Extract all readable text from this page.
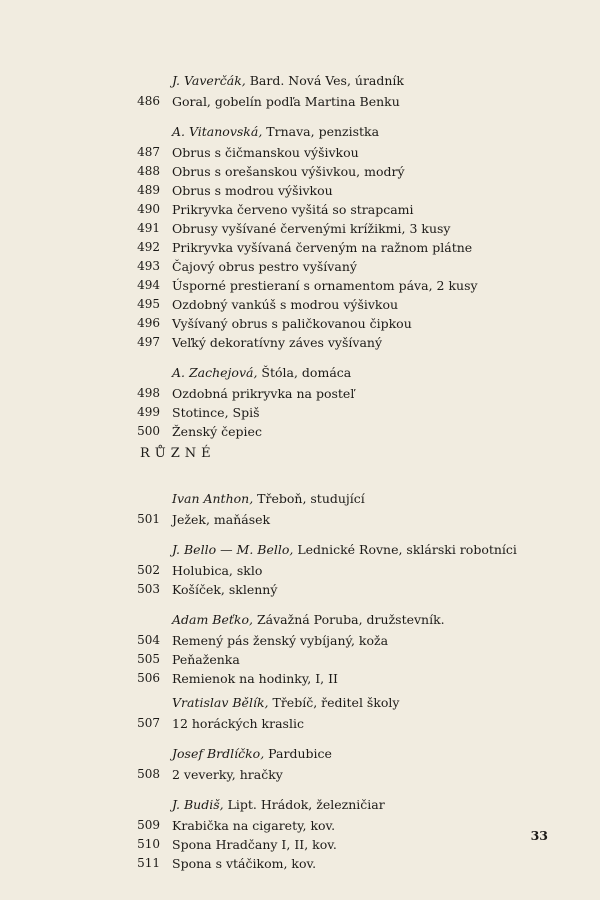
J. Vaverčák, Bard. Nová Ves, úradník
486 Goral, gobelín podľa Martina Benku
A. Vitanovská, Trnava, penzistka
487 Obrus s čičmanskou výšivkou
488 Obrus s orešanskou výšivkou, modrý
489 Obrus s modrou výšivkou
490 Prikryvka červeno vyšitá so strapcami
491 Obrusy vyšívané červenými krížikmi, 3 kusy
492 Prikryvka vyšívaná červeným na ražnom plátne
493 Čajový obrus pestro vyšívaný
494 Úsporné prestieraní s ornamentom páva, 2 kusy
495 Ozdobný vankúš s modrou výšivkou
496 Vyšívaný obrus s paličkovanou čipkou
497 Veľký dekoratívny záves vyšívaný
A. Zachejová, Štóla, domáca
498 Ozdobná prikryvka na posteľ
499 Stotince, Spiš
500 Ženský čepiec
RŮZNÉ
Ivan Anthon, Třeboň, studující
501 Ježek, maňásek
J. Bello — M. Bello, Lednické Rovne, sklárski robotníci
502 Holubica, sklo
503 Košíček, sklenný
Adam Beťko, Závažná Poruba, družstevník.
504 Remený pás ženský vybíjaný, koža
505 Peňaženka
506 Remienok na hodinky, I, II
Vratislav Bělík, Třebíč, ředitel školy
507 12 horáckých kraslic
Josef Brdlíčko, Pardubice
508 2 veverky, hračky
J. Budiš, Lipt. Hrádok, železničiar
509 Krabička na cigarety, kov.
510 Spona Hradčany I, II, kov.
511 Spona s vtáčikom, kov.
33
